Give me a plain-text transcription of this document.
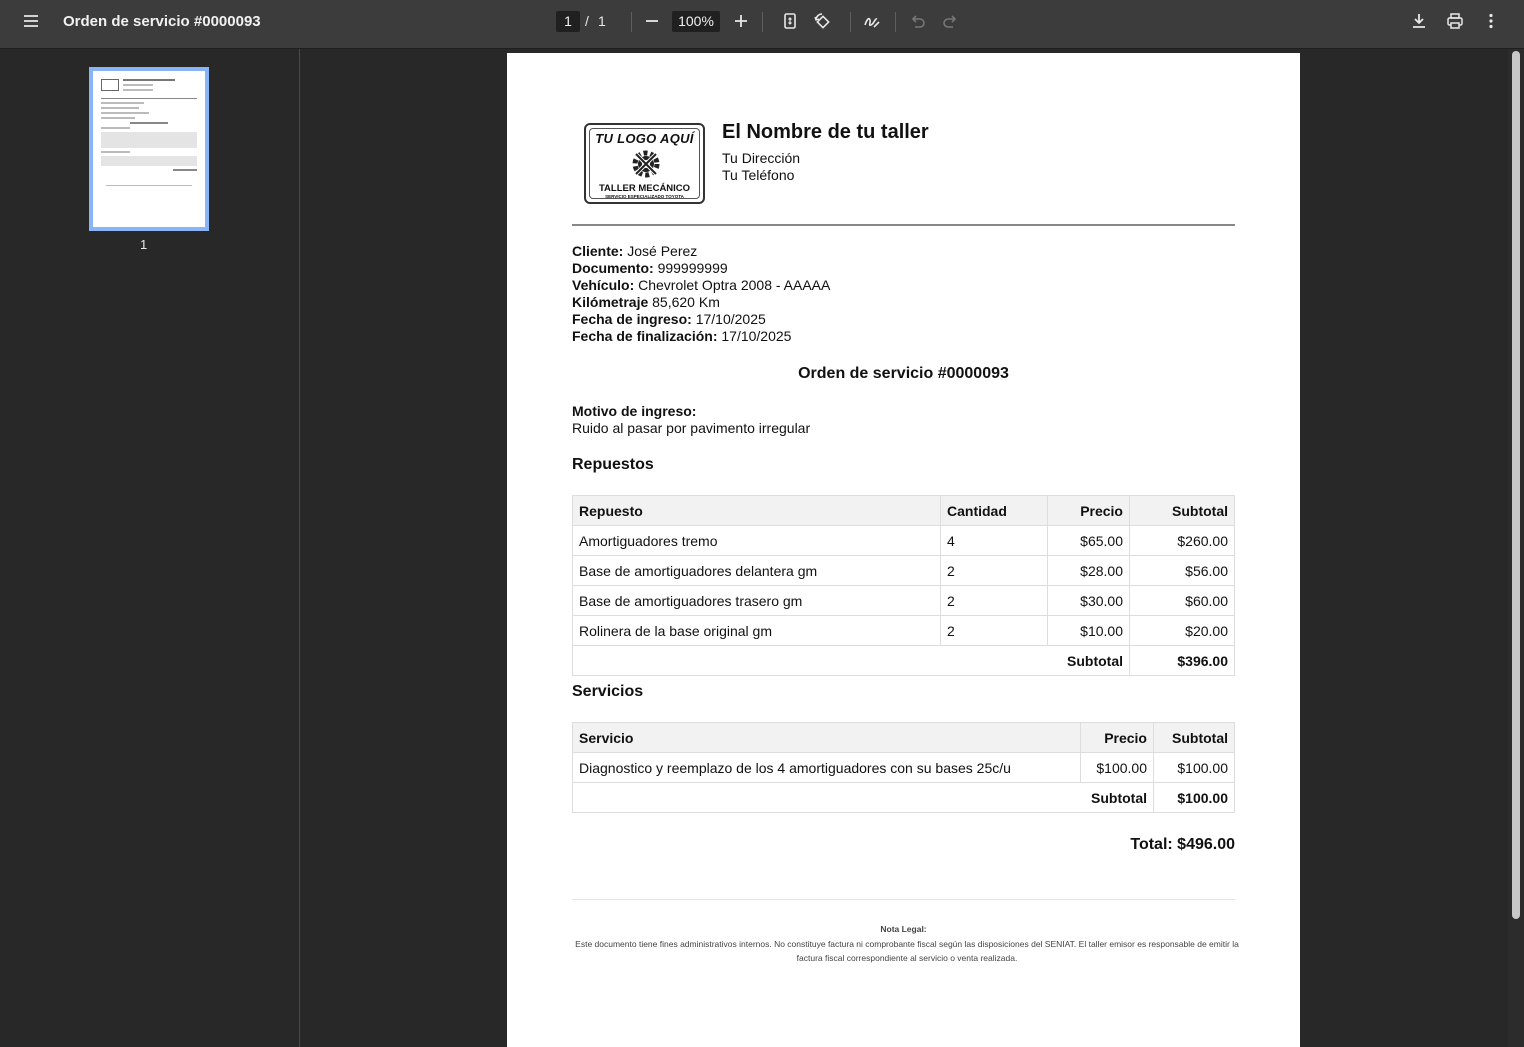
Orden de servicio #0000093	1 / 1	100%
1
TU LOGO AQUÍ
TALLER MECÁNICO
SERVICIO ESPECIALIZADO TOYOTA
El Nombre de tu taller
Tu Dirección
Tu Teléfono
Cliente: José Perez
Documento: 999999999
Vehículo: Chevrolet Optra 2008 - AAAAA
Kilómetraje 85,620 Km
Fecha de ingreso: 17/10/2025
Fecha de finalización: 17/10/2025
Orden de servicio #0000093
Motivo de ingreso:
Ruido al pasar por pavimento irregular
Repuestos
Repuesto	Cantidad	Precio	Subtotal
Amortiguadores tremo	4	$65.00	$260.00
Base de amortiguadores delantera gm	2	$28.00	$56.00
Base de amortiguadores trasero gm	2	$30.00	$60.00
Rolinera de la base original gm	2	$10.00	$20.00
Subtotal			$396.00
Servicios
Servicio	Precio	Subtotal
Diagnostico y reemplazo de los 4 amortiguadores con su bases 25c/u	$100.00	$100.00
Subtotal		$100.00
Total: $496.00
Nota Legal:
Este documento tiene fines administrativos internos. No constituye factura ni comprobante fiscal según las disposiciones del SENIAT. El taller emisor es responsable de emitir la factura fiscal correspondiente al servicio o venta realizada.
